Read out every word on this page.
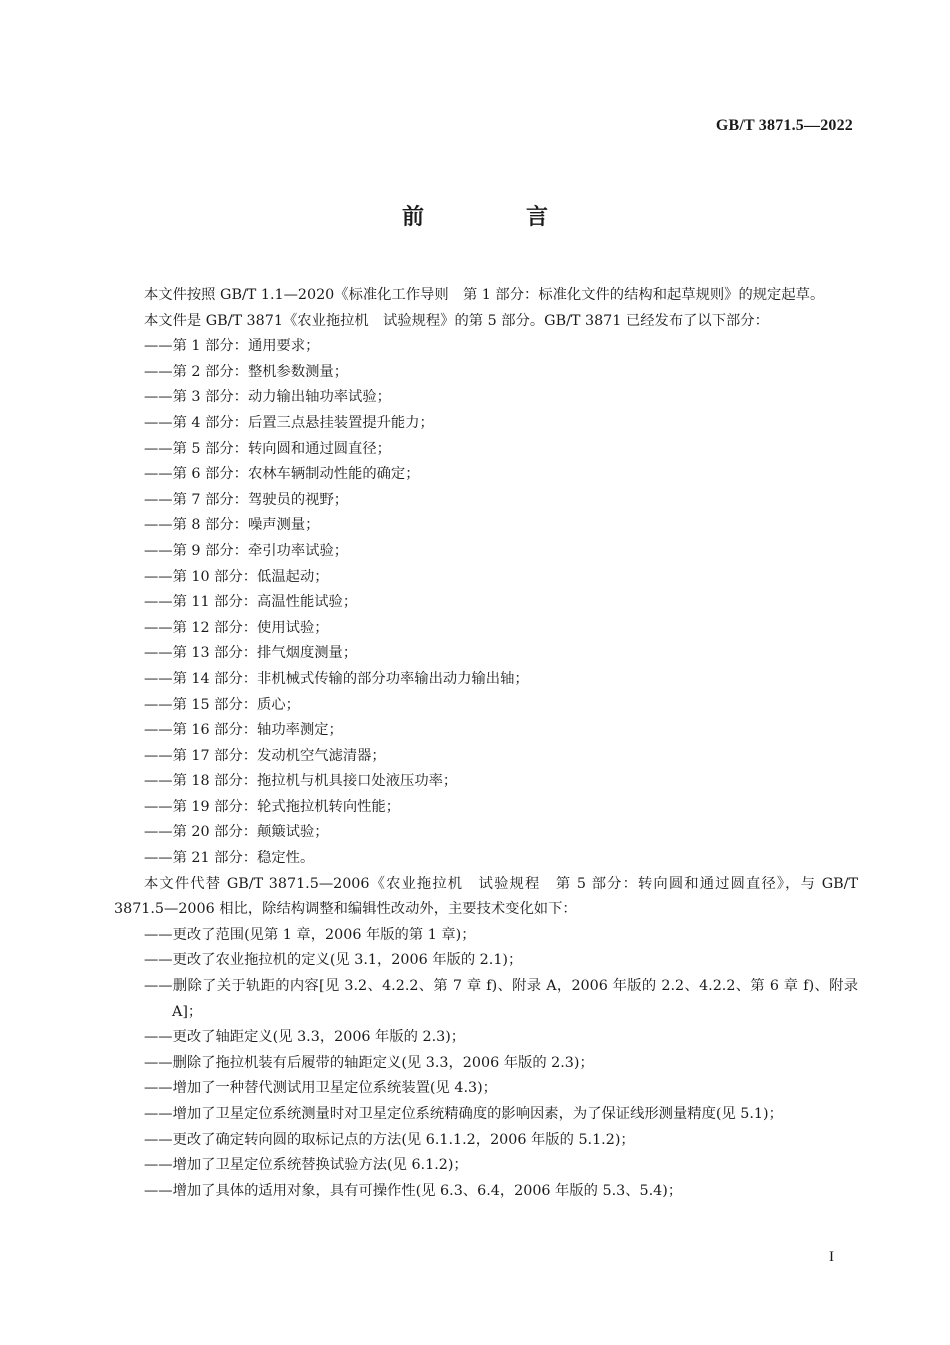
GB/T 3871.5—2022
前　言

本文件按照 GB/T 1.1—2020《标准化工作导则　第 1 部分：标准化文件的结构和起草规则》的规定起草。

本文件是 GB/T 3871《农业拖拉机　试验规程》的第 5 部分。GB/T 3871 已经发布了以下部分：

——第 1 部分：通用要求；

——第 2 部分：整机参数测量；

——第 3 部分：动力输出轴功率试验；

——第 4 部分：后置三点悬挂装置提升能力；

——第 5 部分：转向圆和通过圆直径；

——第 6 部分：农林车辆制动性能的确定；

——第 7 部分：驾驶员的视野；

——第 8 部分：噪声测量；

——第 9 部分：牵引功率试验；

——第 10 部分：低温起动；

——第 11 部分：高温性能试验；

——第 12 部分：使用试验；

——第 13 部分：排气烟度测量；

——第 14 部分：非机械式传输的部分功率输出动力输出轴；

——第 15 部分：质心；

——第 16 部分：轴功率测定；

——第 17 部分：发动机空气滤清器；

——第 18 部分：拖拉机与机具接口处液压功率；

——第 19 部分：轮式拖拉机转向性能；

——第 20 部分：颠簸试验；

——第 21 部分：稳定性。

本文件代替 GB/T 3871.5—2006《农业拖拉机　试验规程　第 5 部分：转向圆和通过圆直径》，与 GB/T 3871.5—2006 相比，除结构调整和编辑性改动外，主要技术变化如下：

——更改了范围(见第 1 章，2006 年版的第 1 章)；

——更改了农业拖拉机的定义(见 3.1，2006 年版的 2.1)；

——删除了关于轨距的内容[见 3.2、4.2.2、第 7 章 f)、附录 A，2006 年版的 2.2、4.2.2、第 6 章 f)、附录 A]；

——更改了轴距定义(见 3.3，2006 年版的 2.3)；

——删除了拖拉机装有后履带的轴距定义(见 3.3，2006 年版的 2.3)；

——增加了一种替代测试用卫星定位系统装置(见 4.3)；

——增加了卫星定位系统测量时对卫星定位系统精确度的影响因素，为了保证线形测量精度(见 5.1)；

——更改了确定转向圆的取标记点的方法(见 6.1.1.2，2006 年版的 5.1.2)；

——增加了卫星定位系统替换试验方法(见 6.1.2)；

——增加了具体的适用对象，具有可操作性(见 6.3、6.4，2006 年版的 5.3、5.4)；

I
